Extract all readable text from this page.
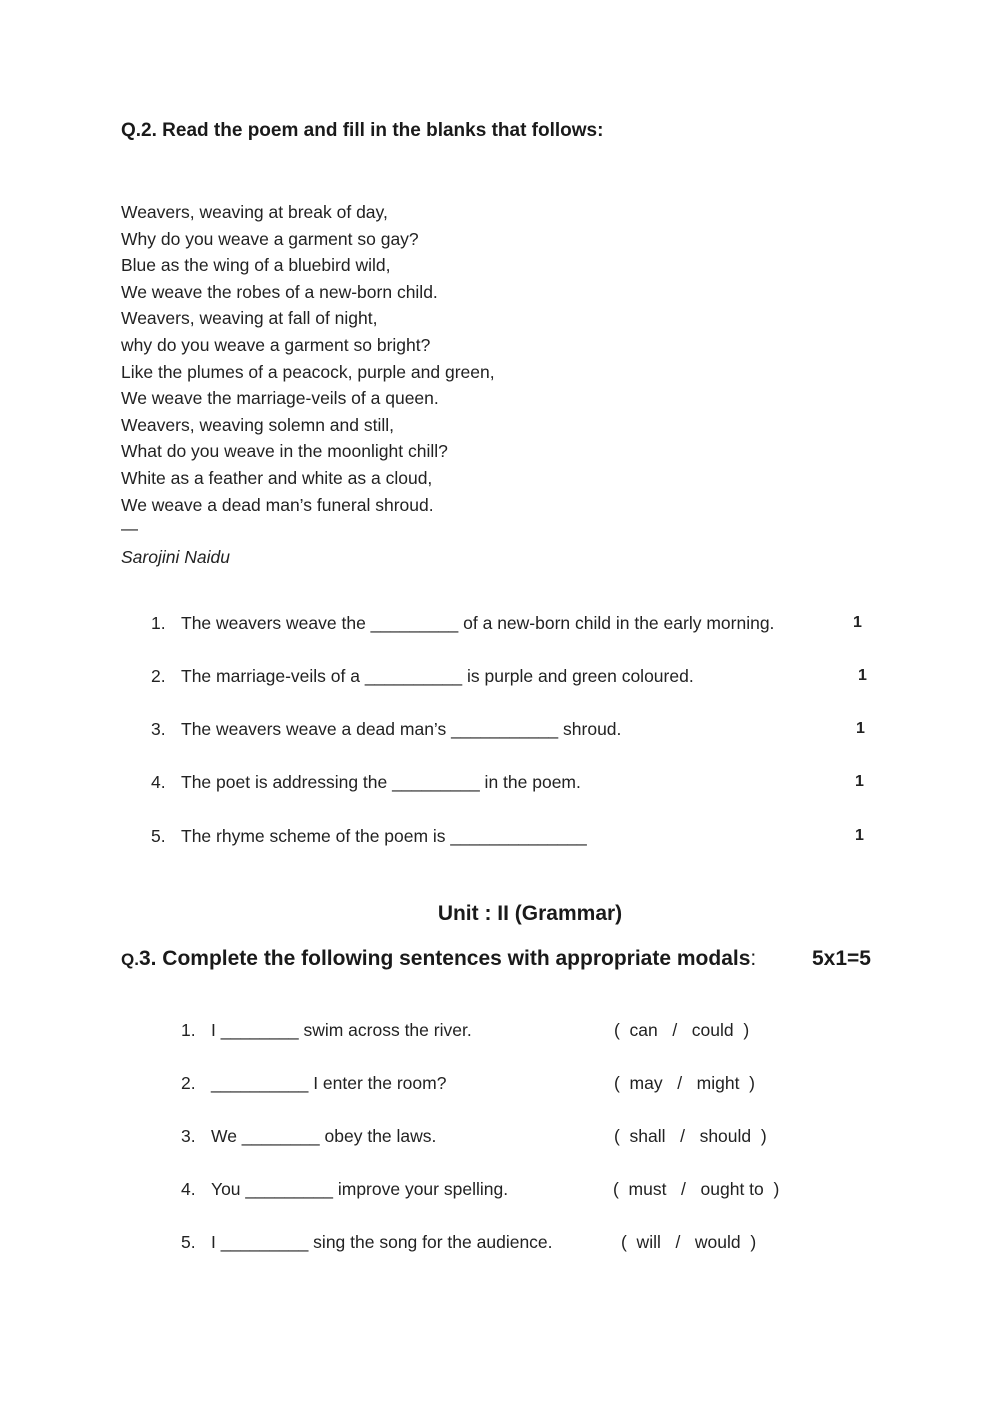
Q.2. Read the poem and fill in the blanks that follows:
Weavers, weaving at break of day,
Why do you weave a garment so gay?
Blue as the wing of a bluebird wild,
We weave the robes of a new-born child.
Weavers, weaving at fall of night,
why do you weave a garment so bright?
Like the plumes of a peacock, purple and green,
We weave the marriage-veils of a queen.
Weavers, weaving solemn and still,
What do you weave in the moonlight chill?
White as a feather and white as a cloud,
We weave a dead man’s funeral shroud.
—
Sarojini Naidu
1. The weavers weave the _________ of a new-born child in the early morning.	1
2. The marriage-veils of a __________ is purple and green coloured.	1
3. The weavers weave a dead man’s ___________ shroud.	1
4. The poet is addressing the _________ in the poem.	1
5. The rhyme scheme of the poem is ______________	1
Unit : II (Grammar)
Q.3. Complete the following sentences with appropriate modals:	5x1=5
1. I ________ swim across the river.	(  can   /   could  )
2. __________ I enter the room?	(  may   /   might  )
3. We ________ obey the laws.	(  shall   /   should  )
4. You _________ improve your spelling.	(  must   /   ought to  )
5. I _________ sing the song for the audience.	(  will   /   would  )
